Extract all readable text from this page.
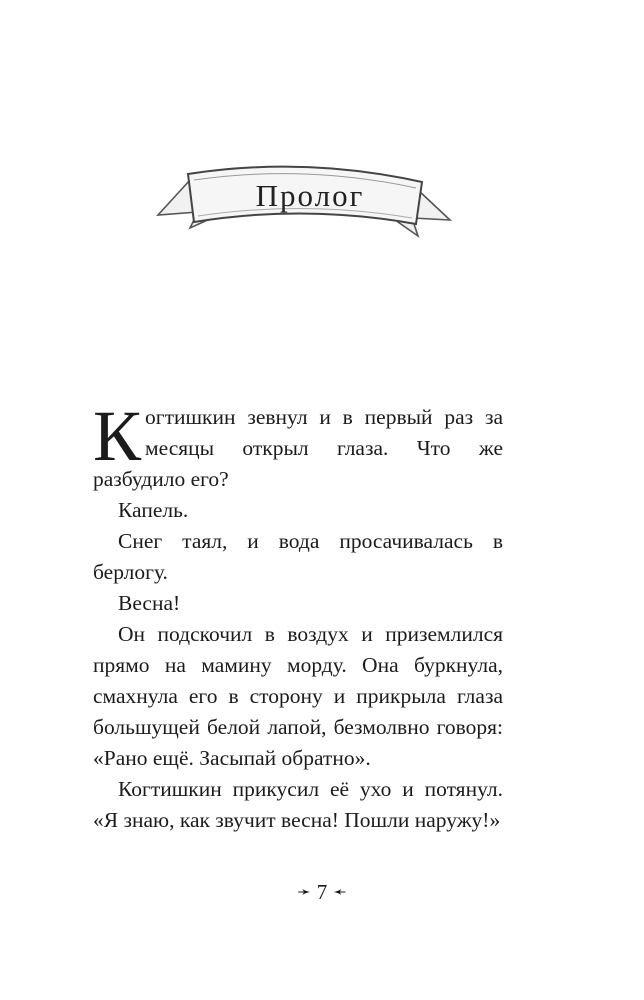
Пролог

Когтишкин зевнул и в первый раз за месяцы открыл глаза. Что же разбудило его?

Капель.

Снег таял, и вода просачивалась в берлогу.

Весна!

Он подскочил в воздух и приземлился прямо на мамину морду. Она буркнула, смахнула его в сторону и прикрыла глаза большущей белой лапой, безмолвно говоря: «Рано ещё. Засыпай обратно».

Когтишкин прикусил её ухо и потянул. «Я знаю, как звучит весна! Пошли наружу!»

➛ 7 ➛
